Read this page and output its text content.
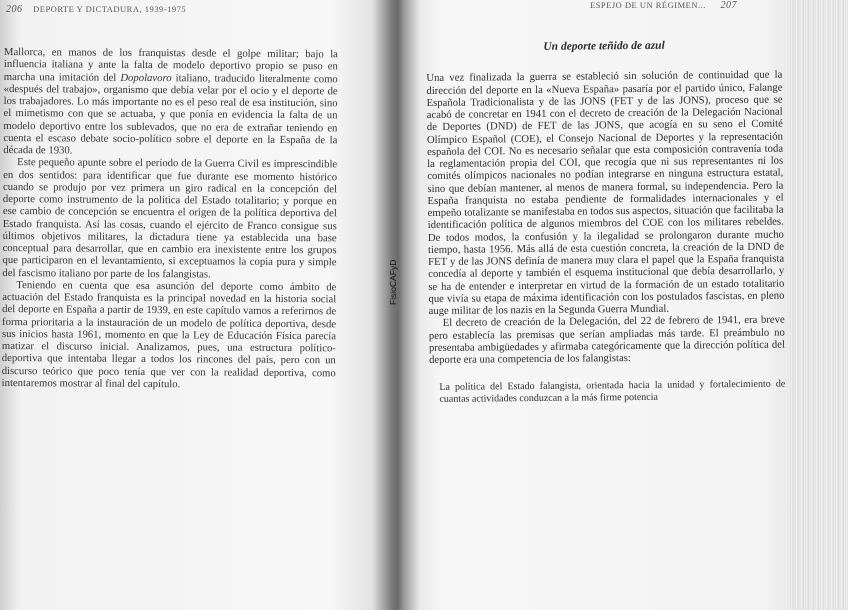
206 DEPORTE Y DICTADURA, 1939-1975

Mallorca, en manos de los franquistas desde el golpe militar; bajo la influencia italiana y ante la falta de modelo deportivo propio se puso en marcha una imitación del Dopolavoro italiano, traducido literalmente como «después del trabajo», organismo que debía velar por el ocio y el deporte de los trabajadores. Lo más importante no es el peso real de esa institución, sino el mimetismo con que se actuaba, y que ponía en evidencia la falta de un modelo deportivo entre los sublevados, que no era de extrañar teniendo en cuenta el escaso debate socio-político sobre el deporte en la España de la década de 1930.

Este pequeño apunte sobre el período de la Guerra Civil es imprescindible en dos sentidos: para identificar que fue durante ese momento histórico cuando se produjo por vez primera un giro radical en la concepción del deporte como instrumento de la política del Estado totalitario; y porque en ese cambio de concepción se encuentra el origen de la política deportiva del Estado franquista. Así las cosas, cuando el ejército de Franco consigue sus últimos objetivos militares, la dictadura tiene ya establecida una base conceptual para desarrollar, que en cambio era inexistente entre los grupos que participaron en el levantamiento, si exceptuamos la copia pura y simple del fascismo italiano por parte de los falangistas.

Teniendo en cuenta que esa asunción del deporte como ámbito de actuación del Estado franquista es la principal novedad en la historia social del deporte en España a partir de 1939, en este capítulo vamos a referirnos de forma prioritaria a la instauración de un modelo de política deportiva, desde sus inicios hasta 1961, momento en que la Ley de Educación Física parecía matizar el discurso inicial. Analizamos, pues, una estructura político-deportiva que intentaba llegar a todos los rincones del país, pero con un discurso teórico que poco tenía que ver con la realidad deportiva, como intentaremos mostrar al final del capítulo.

ESPEJO DE UN RÉGIMEN... 207
Un deporte teñido de azul

Una vez finalizada la guerra se estableció sin solución de continuidad que la dirección del deporte en la «Nueva España» pasaría por el partido único, Falange Española Tradicionalista y de las JONS (FET y de las JONS), proceso que se acabó de concretar en 1941 con el decreto de creación de la Delegación Nacional de Deportes (DND) de FET de las JONS, que acogía en su seno el Comité Olímpico Español (COE), el Consejo Nacional de Deportes y la representación española del COI. No es necesario señalar que esta composición contravenía toda la reglamentación propia del COI, que recogía que ni sus representantes ni los comités olímpicos nacionales no podían integrarse en ninguna estructura estatal, sino que debían mantener, al menos de manera formal, su independencia. Pero la España franquista no estaba pendiente de formalidades internacionales y el empeño totalizante se manifestaba en todos sus aspectos, situación que facilitaba la identificación política de algunos miembros del COE con los militares rebeldes. De todos modos, la confusión y la ilegalidad se prolongaron durante mucho tiempo, hasta 1956. Más allá de esta cuestión concreta, la creación de la DND de FET y de las JONS definía de manera muy clara el papel que la España franquista concedía al deporte y también el esquema institucional que debía desarrollarlo, y se ha de entender e interpretar en virtud de la formación de un estado totalitario que vivía su etapa de máxima identificación con los postulados fascistas, en pleno auge militar de los nazis en la Segunda Guerra Mundial.

El decreto de creación de la Delegación, del 22 de febrero de 1941, era breve pero establecía las premisas que serían ampliadas más tarde. El preámbulo no presentaba ambigüedades y afirmaba categóricamente que la dirección política del deporte era una competencia de los falangistas:

La política del Estado falangista, orientada hacia la unidad y fortalecimiento de cuantas actividades conduzcan a la más firme potencia
FisioCAFyD
